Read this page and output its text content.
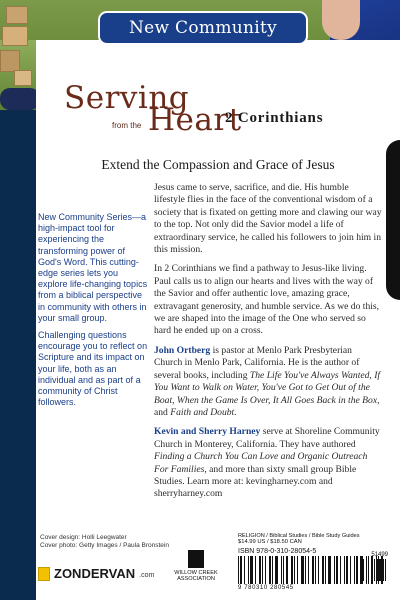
New Community
Serving
from the Heart
2 Corinthians
Extend the Compassion and Grace of Jesus

New Community Series—a high-impact tool for experiencing the transforming power of God's Word. This cutting-edge series lets you explore life-changing topics from a biblical perspective in community with others in your small group.

Challenging questions encourage you to reflect on Scripture and its impact on your life, both as an individual and as part of a community of Christ followers.

Jesus came to serve, sacrifice, and die. His humble lifestyle flies in the face of the conventional wisdom of a society that is fixated on getting more and clawing our way to the top. Not only did the Savior model a life of extraordinary service, he called his followers to join him in this mission.

In 2 Corinthians we find a pathway to Jesus-like living. Paul calls us to align our hearts and lives with the way of the Savior and offer authentic love, amazing grace, extravagant generosity, and humble service. As we do this, we are shaped into the image of the One who served so hard he ended up on a cross.

John Ortberg is pastor at Menlo Park Presbyterian Church in Menlo Park, California. He is the author of several books, including The Life You've Always Wanted, If You Want to Walk on Water, You've Got to Get Out of the Boat, When the Game Is Over, It All Goes Back in the Box, and Faith and Doubt.

Kevin and Sherry Harney serve at Shoreline Community Church in Monterey, California. They have authored Finding a Church You Can Love and Organic Outreach For Families, and more than sixty small group Bible Studies. Learn more at: kevingharney.com and sherryharney.com

Cover design: Holli Leegwater
Cover photo: Getty Images / Paula Bronstein
ZONDERVAN .com	WILLOW CREEK
ASSOCIATION
RELIGION / Biblical Studies / Bible Study Guides
$14.99 US / $18.50 CAN
ISBN 978-0-310-28054-5
9 780310 280545
51499
